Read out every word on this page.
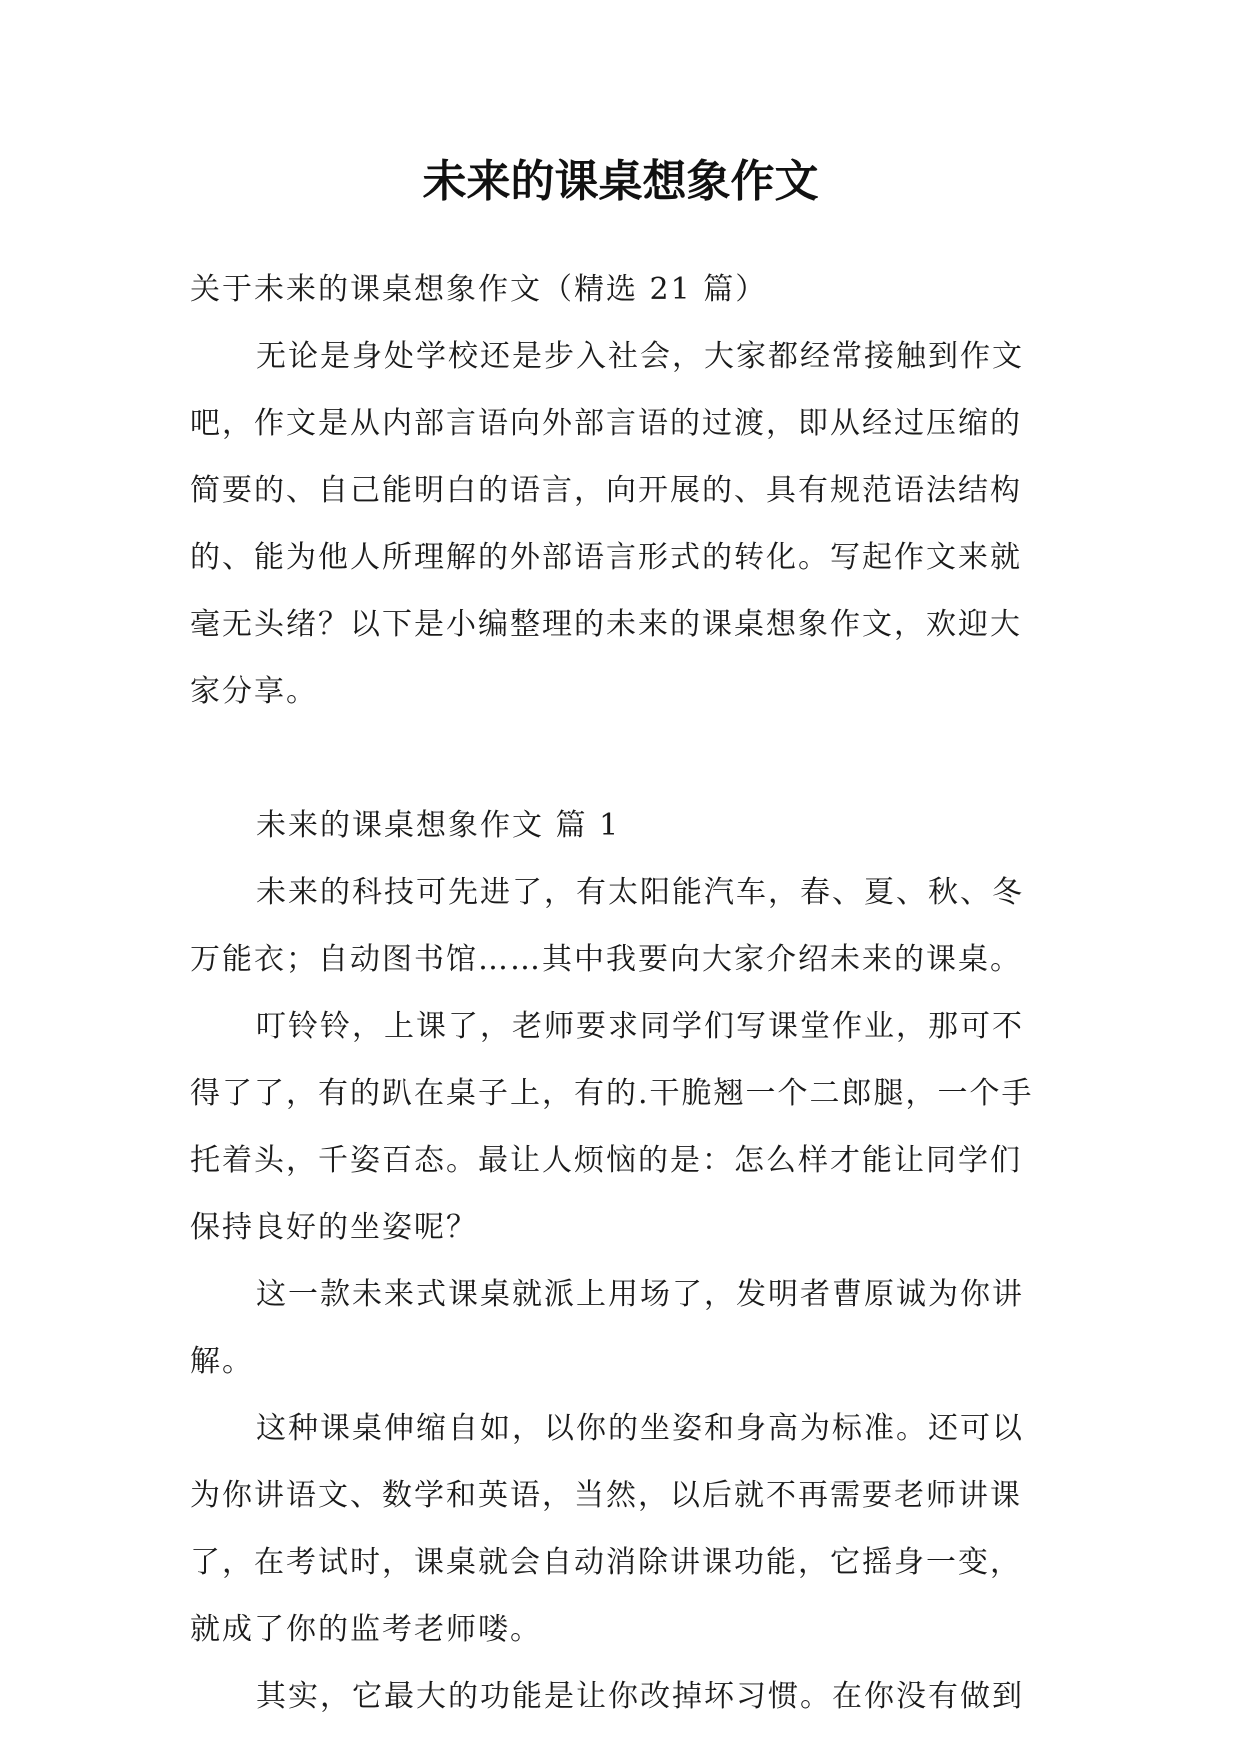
未来的课桌想象作文

关于未来的课桌想象作文（精选 21 篇）

无论是身处学校还是步入社会，大家都经常接触到作文吧，作文是从内部言语向外部言语的过渡，即从经过压缩的简要的、自己能明白的语言，向开展的、具有规范语法结构的、能为他人所理解的外部语言形式的转化。写起作文来就毫无头绪？以下是小编整理的未来的课桌想象作文，欢迎大家分享。

未来的课桌想象作文 篇 1

未来的科技可先进了，有太阳能汽车，春、夏、秋、冬万能衣；自动图书馆……其中我要向大家介绍未来的课桌。

叮铃铃，上课了，老师要求同学们写课堂作业，那可不得了了，有的趴在桌子上，有的.干脆翘一个二郎腿，一个手托着头，千姿百态。最让人烦恼的是：怎么样才能让同学们保持良好的坐姿呢？

这一款未来式课桌就派上用场了，发明者曹原诚为你讲解。

这种课桌伸缩自如，以你的坐姿和身高为标准。还可以为你讲语文、数学和英语，当然，以后就不再需要老师讲课了，在考试时，课桌就会自动消除讲课功能，它摇身一变，就成了你的监考老师喽。

其实，它最大的功能是让你改掉坏习惯。在你没有做到
